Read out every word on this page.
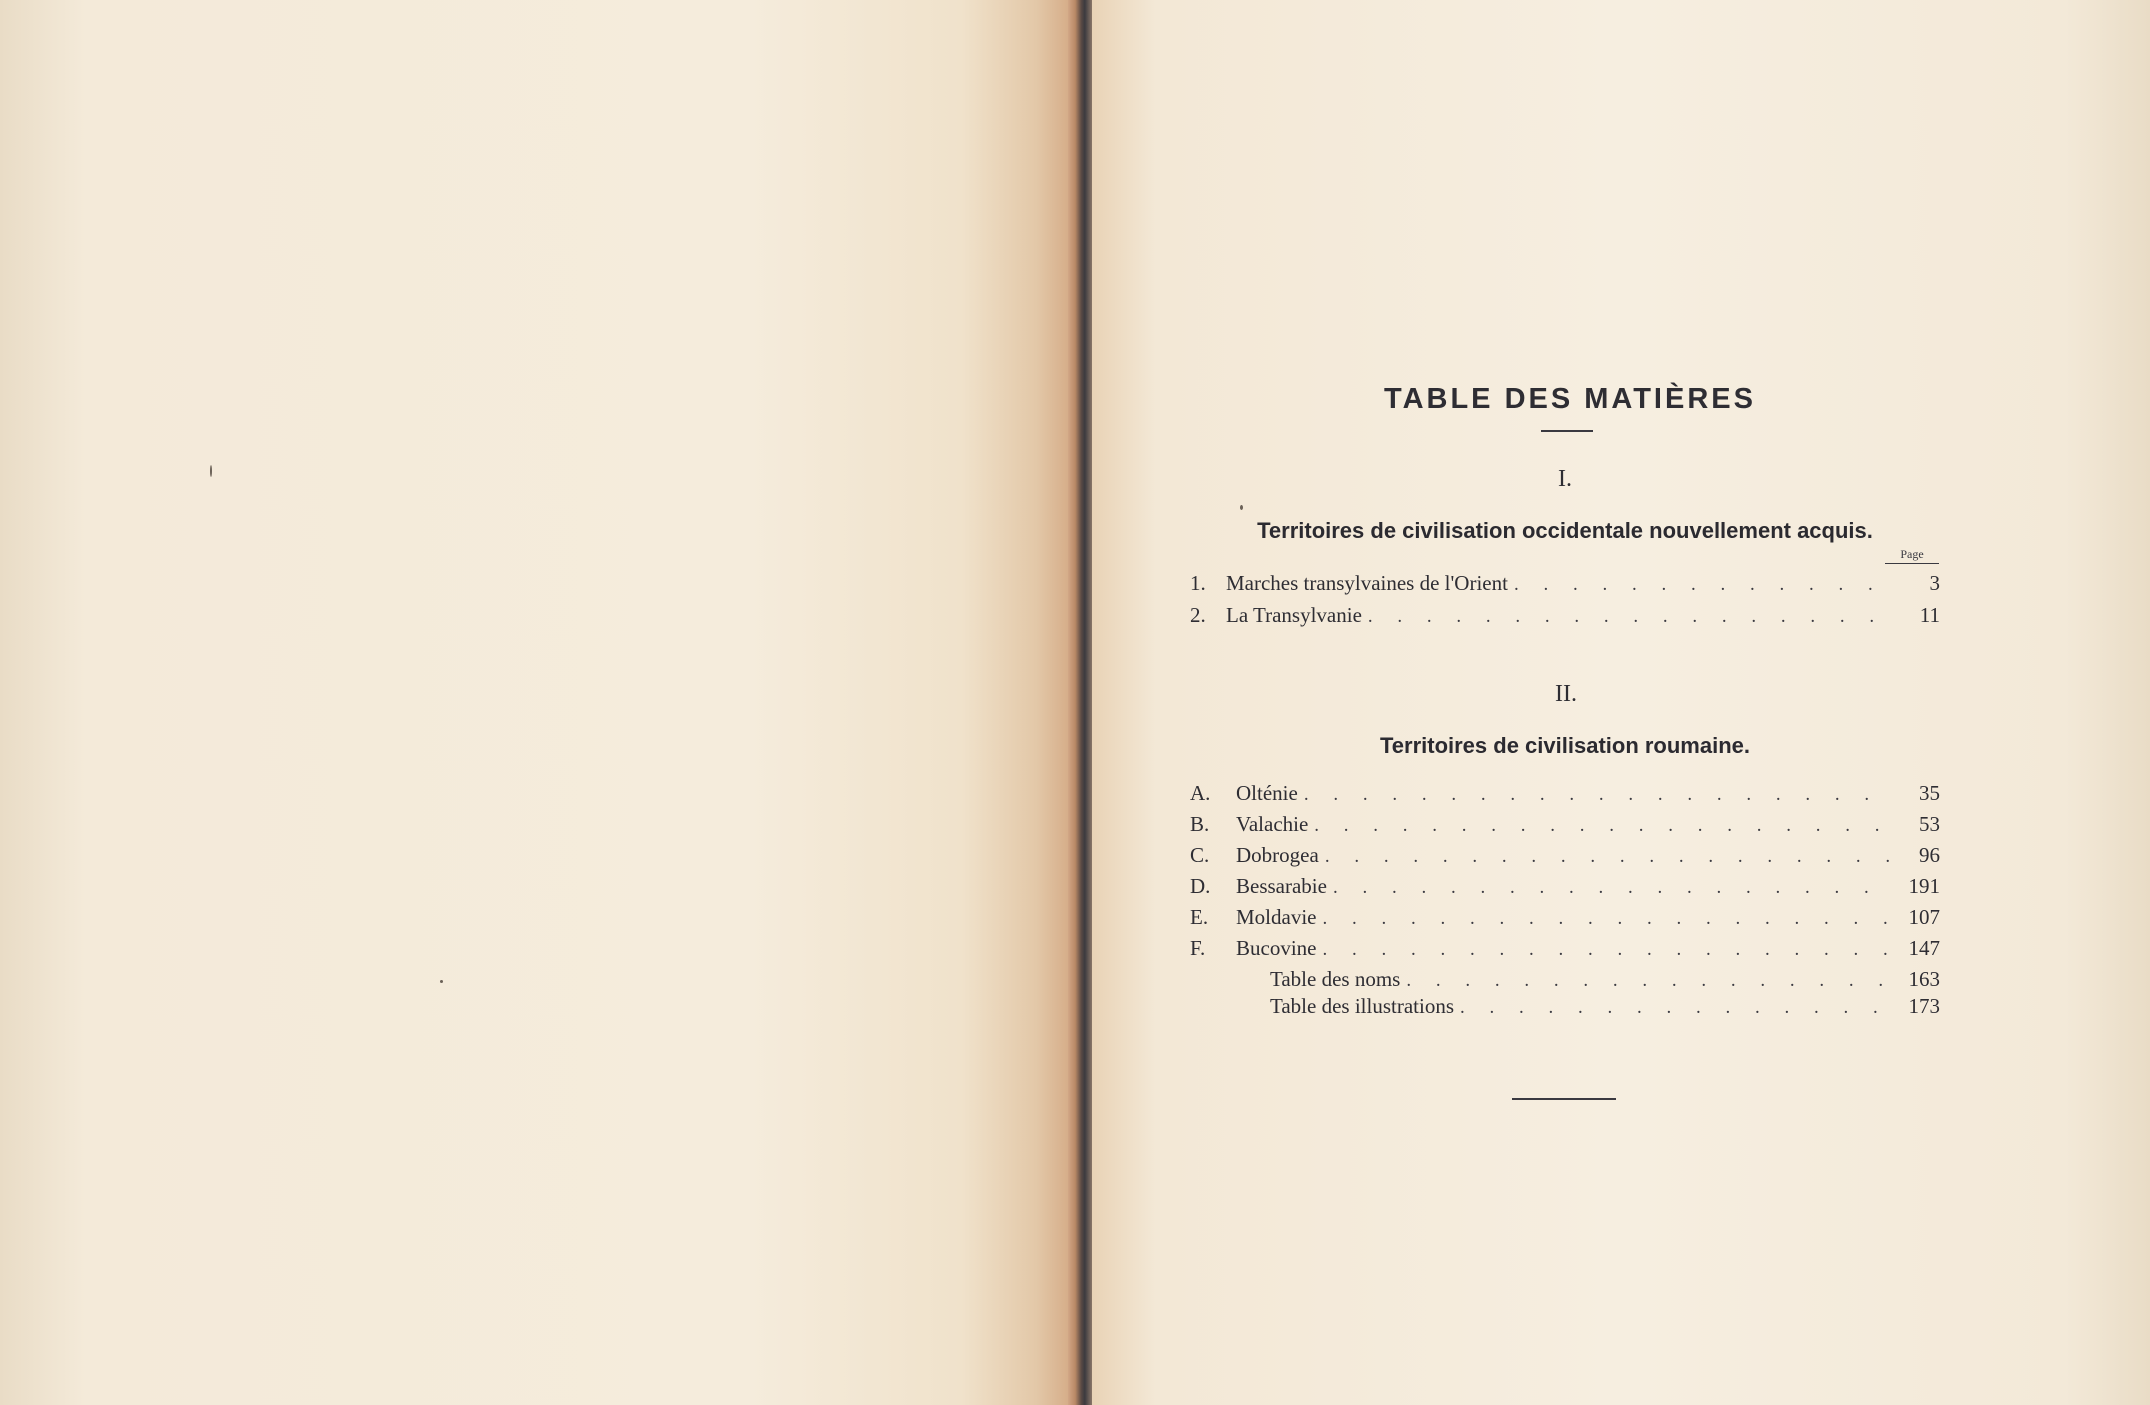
TABLE DES MATIÈRES
I.
Territoires de civilisation occidentale nouvellement acquis.
Page
1. Marches transylvaines de l'Orient . . .	3
2. La Transylvanie . . .	11
II.
Territoires de civilisation roumaine.
A.	Olténie . . .	35
B.	Valachie . . .	53
C.	Dobrogea . . .	96
D.	Bessarabie . . .	191
E.	Moldavie . . .	107
F.	Bucovine . . .	147
Table des noms . . .	163
Table des illustrations . . .	173
